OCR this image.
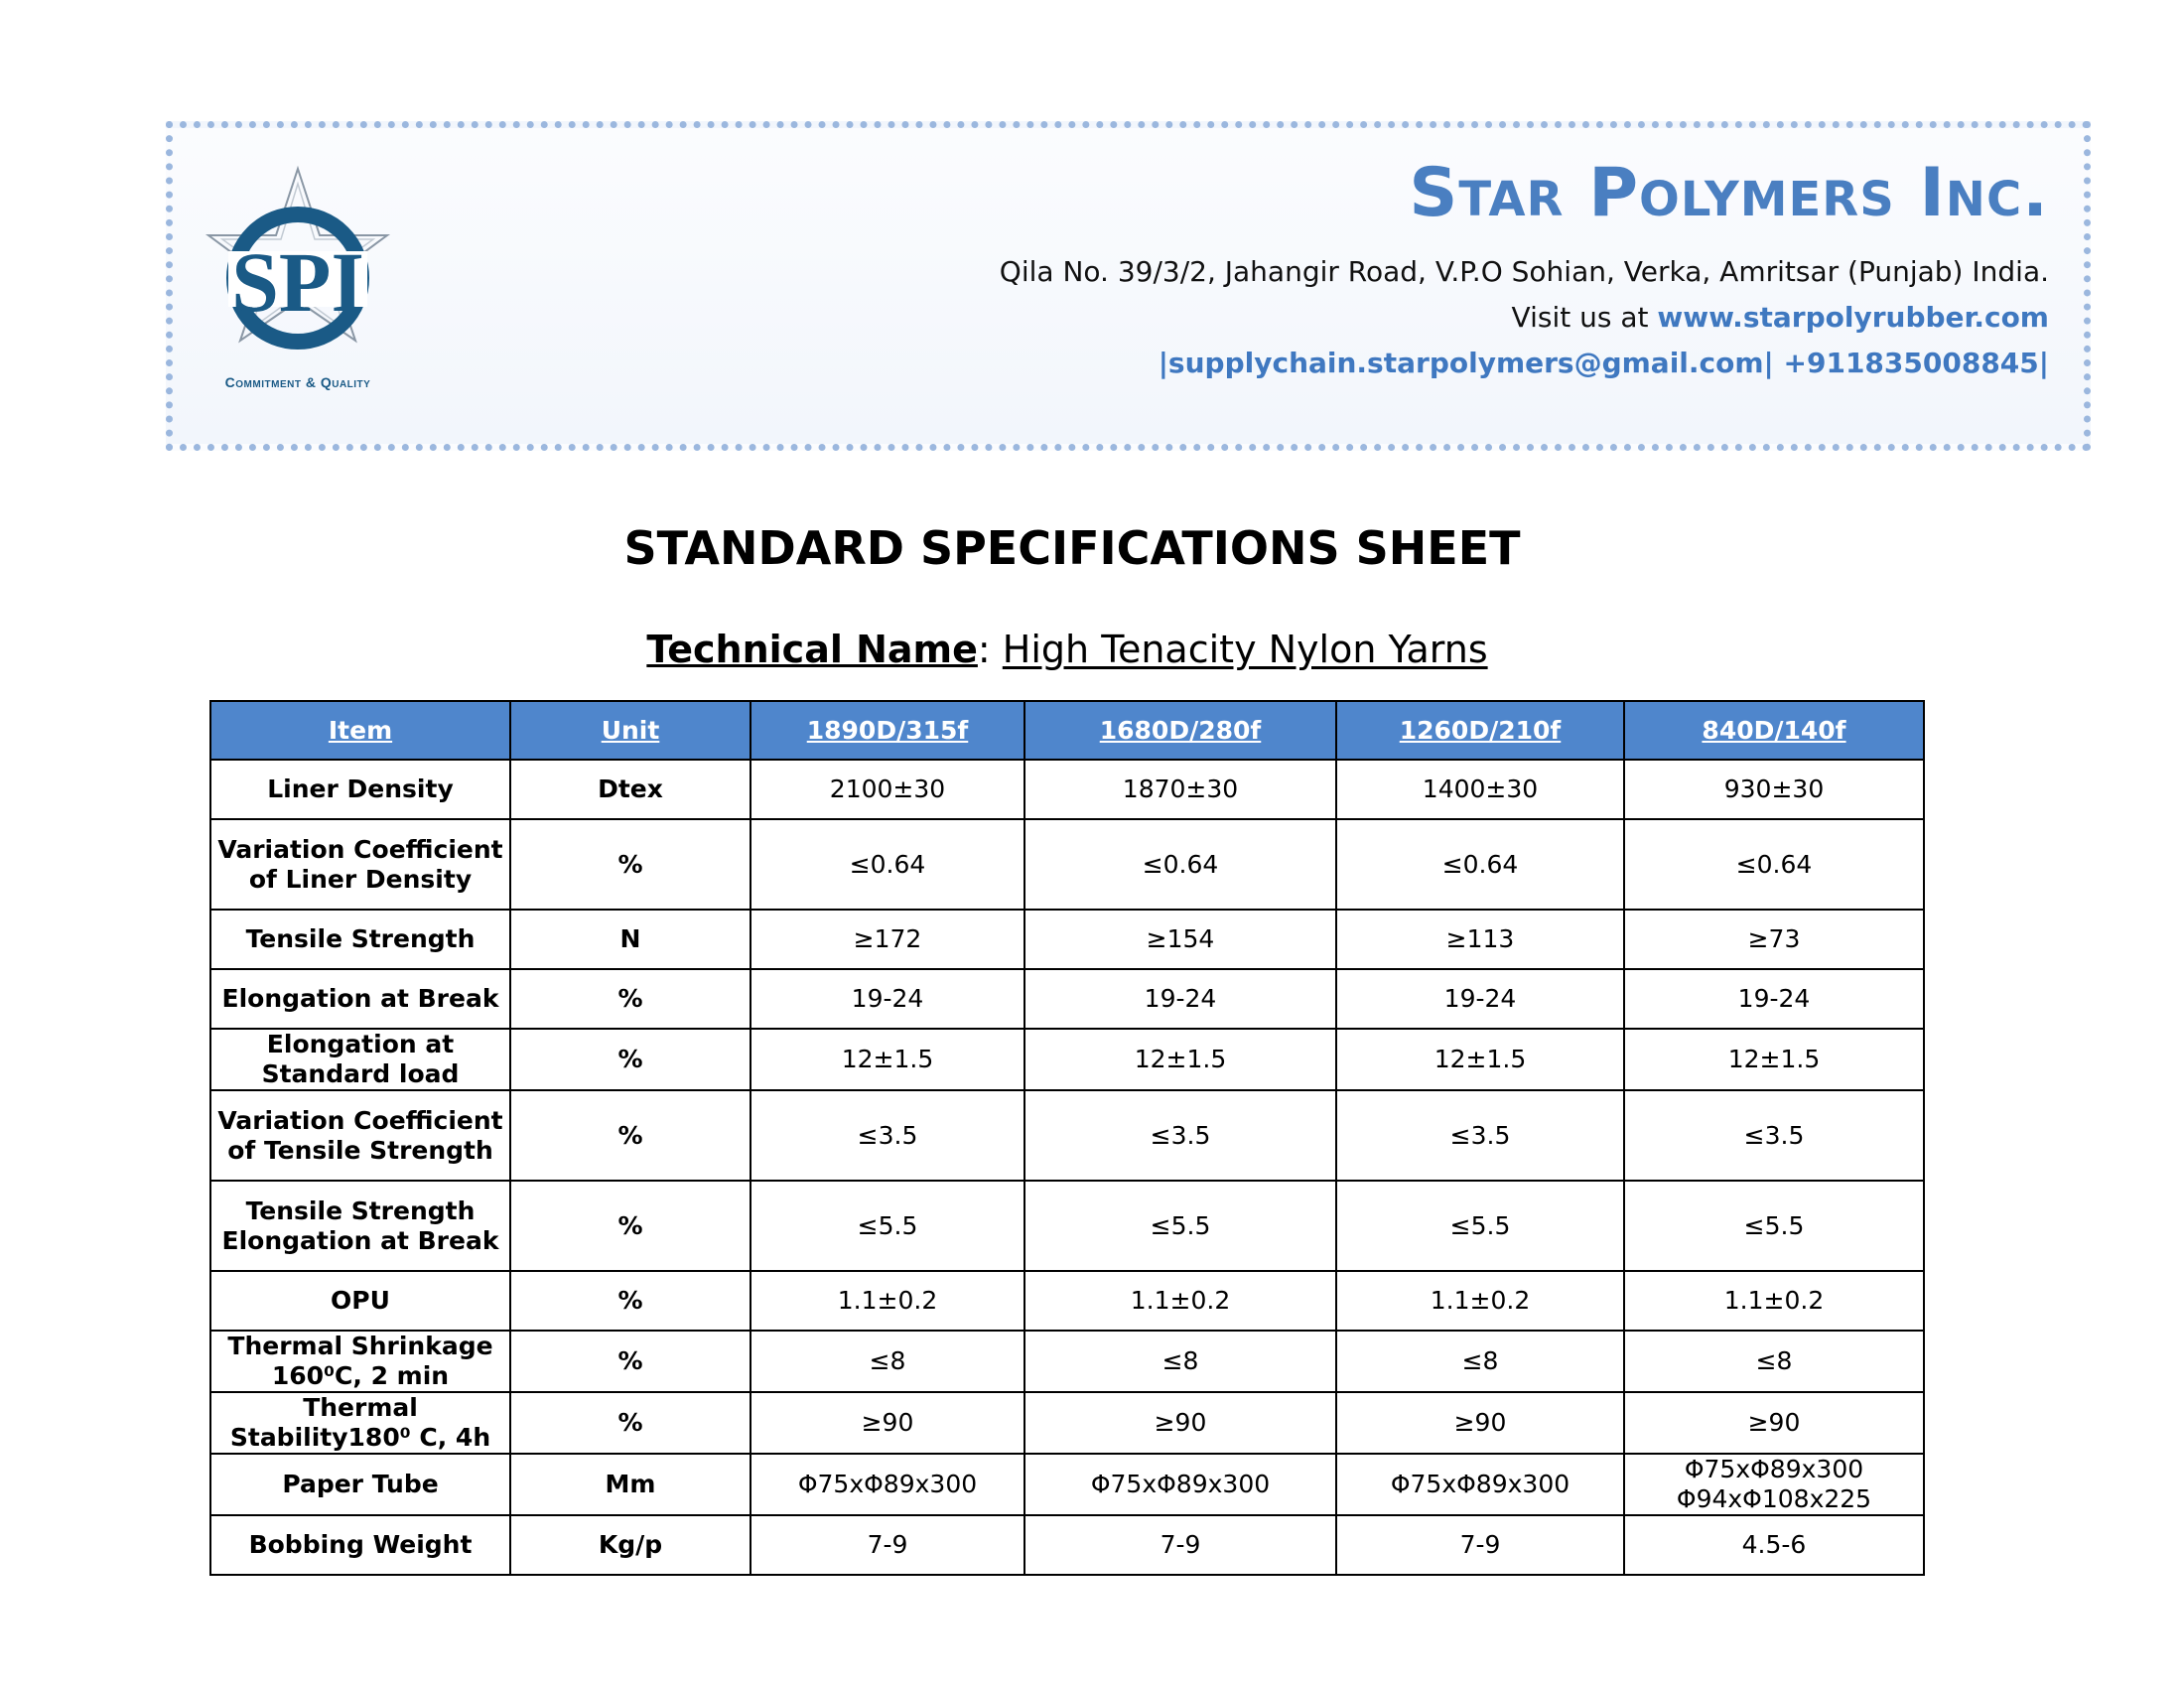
SPI
Commitment & Quality
Star Polymers Inc.
Qila No. 39/3/2, Jahangir Road, V.P.O Sohian, Verka, Amritsar (Punjab) India.
Visit us at www.starpolyrubber.com
|supplychain.starpolymers@gmail.com| +911835008845|
STANDARD SPECIFICATIONS SHEET
Technical Name: High Tenacity Nylon Yarns
Item	Unit	1890D/315f	1680D/280f	1260D/210f	840D/140f
Liner Density	Dtex	2100±30	1870±30	1400±30	930±30
Variation Coefficient of Liner Density	%	≤0.64	≤0.64	≤0.64	≤0.64
Tensile Strength	N	≥172	≥154	≥113	≥73
Elongation at Break	%	19-24	19-24	19-24	19-24
Elongation at Standard load	%	12±1.5	12±1.5	12±1.5	12±1.5
Variation Coefficient of Tensile Strength	%	≤3.5	≤3.5	≤3.5	≤3.5
Tensile Strength Elongation at Break	%	≤5.5	≤5.5	≤5.5	≤5.5
OPU	%	1.1±0.2	1.1±0.2	1.1±0.2	1.1±0.2
Thermal Shrinkage 160⁰C, 2 min	%	≤8	≤8	≤8	≤8
Thermal Stability180⁰ C, 4h	%	≥90	≥90	≥90	≥90
Paper Tube	Mm	Φ75xΦ89x300	Φ75xΦ89x300	Φ75xΦ89x300	Φ75xΦ89x300 Φ94xΦ108x225
Bobbing Weight	Kg/p	7-9	7-9	7-9	4.5-6
